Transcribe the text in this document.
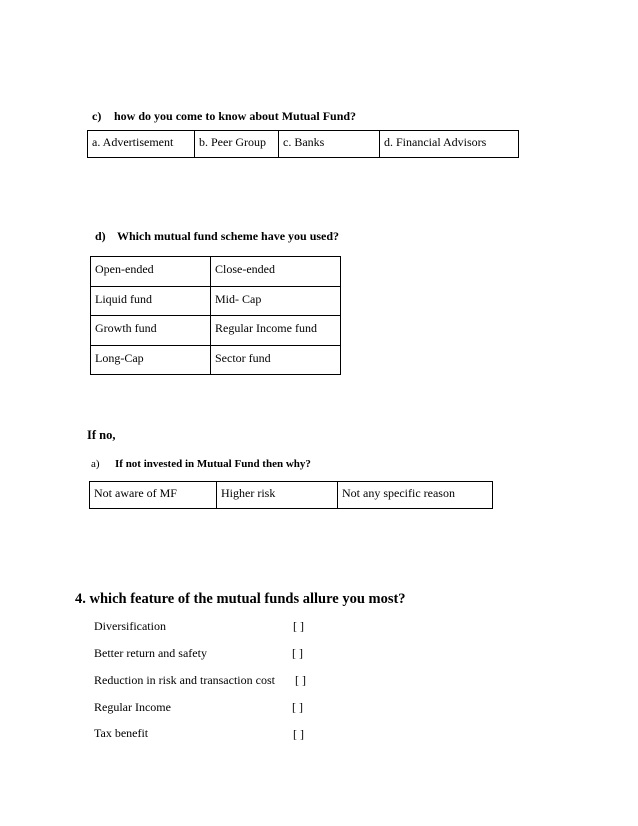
c) how do you come to know about Mutual Fund?
a. Advertisement	b. Peer Group	c. Banks	d. Financial Advisors
d) Which mutual fund scheme have you used?
Open-ended	Close-ended
Liquid fund	Mid- Cap
Growth fund	Regular Income fund
Long-Cap	Sector fund
If no,
a) If not invested in Mutual Fund then why?
Not aware of MF	Higher risk	Not any specific reason
4. which feature of the mutual funds allure you most?
Diversification	[ ]
Better return and safety	[ ]
Reduction in risk and transaction cost [ ]
Regular Income	[ ]
Tax benefit	[ ]
